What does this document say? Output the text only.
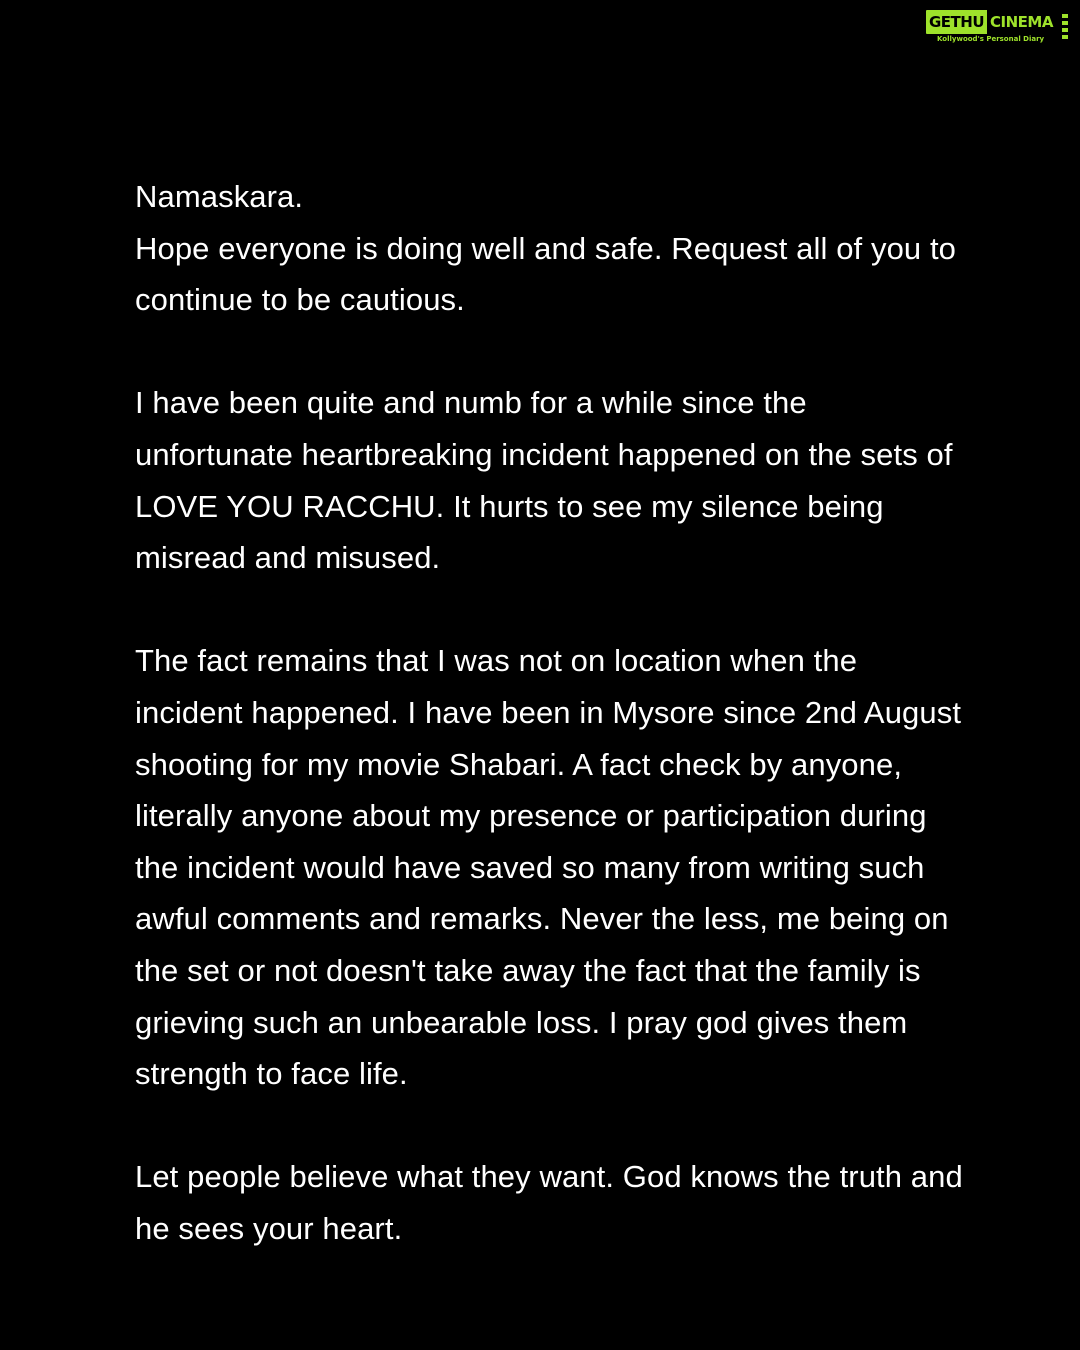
GETHU CINEMA
Kollywood's Personal Diary

Namaskara.
Hope everyone is doing well and safe. Request all of you to continue to be cautious.

I have been quite and numb for a while since the unfortunate heartbreaking incident happened on the sets of LOVE YOU RACCHU. It hurts to see my silence being misread and misused.

The fact remains that I was not on location when the incident happened. I have been in Mysore since 2nd August shooting for my movie Shabari. A fact check by anyone, literally anyone about my presence or participation during the incident would have saved so many from writing such awful comments and remarks. Never the less, me being on the set or not doesn't take away the fact that the family is grieving such an unbearable loss. I pray god gives them strength to face life.

Let people believe what they want. God knows the truth and he sees your heart.
